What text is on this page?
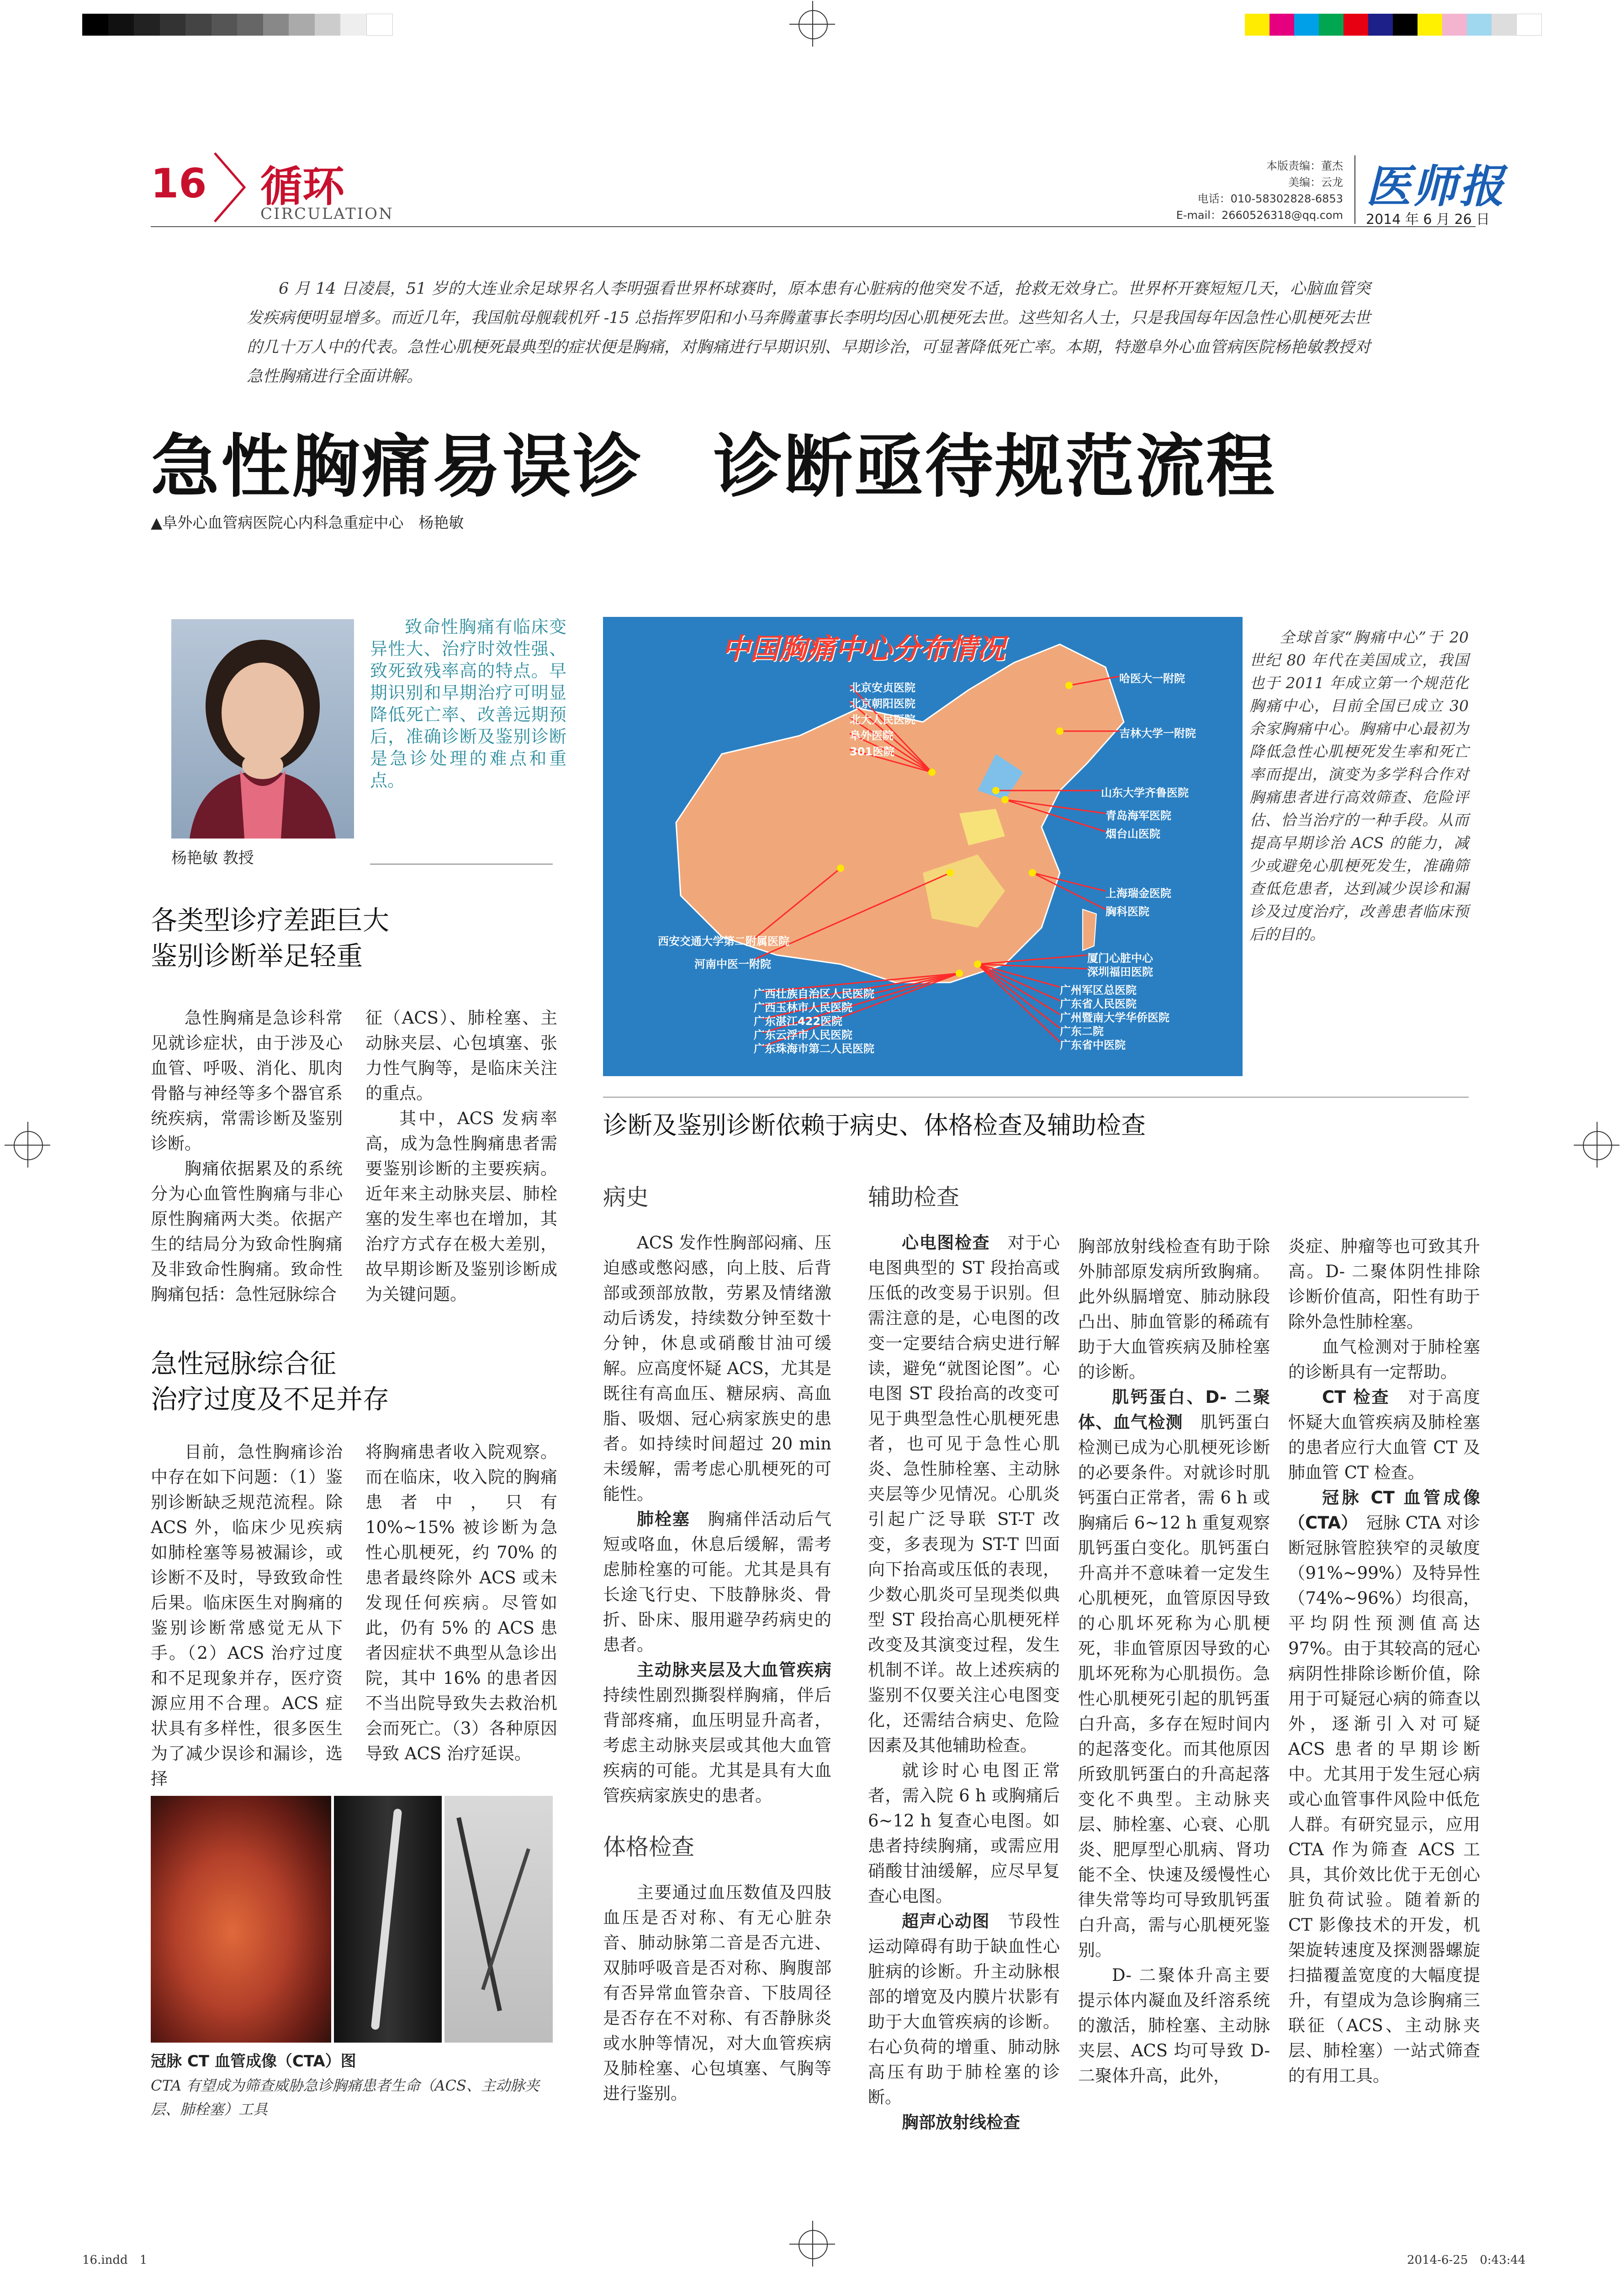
16 循环
CIRCULATION
本版责编：董杰
美编：云龙
电话：010-58302828-6853
E-mail：2660526318@qq.com
医师报
2014 年 6 月 26 日
6 月 14 日凌晨，51 岁的大连业余足球界名人李明强看世界杯球赛时，原本患有心脏病的他突发不适，抢救无效身亡。世界杯开赛短短几天，心脑血管突发疾病便明显增多。而近几年，我国航母舰载机歼 -15 总指挥罗阳和小马奔腾董事长李明均因心肌梗死去世。这些知名人士，只是我国每年因急性心肌梗死去世的几十万人中的代表。急性心肌梗死最典型的症状便是胸痛，对胸痛进行早期识别、早期诊治，可显著降低死亡率。本期，特邀阜外心血管病医院杨艳敏教授对急性胸痛进行全面讲解。
急性胸痛易误诊　诊断亟待规范流程
▲阜外心血管病医院心内科急重症中心　杨艳敏
杨艳敏 教授
致命性胸痛有临床变异性大、治疗时效性强、致死致残率高的特点。早期识别和早期治疗可明显降低死亡率、改善远期预后，准确诊断及鉴别诊断是急诊处理的难点和重点。
中国胸痛中心分布情况
北京安贞医院
北京朝阳医院
北大人民医院
阜外医院
301医院
哈医大一附院
吉林大学一附院
山东大学齐鲁医院
青岛海军医院
烟台山医院
上海瑞金医院
胸科医院
西安交通大学第二附属医院
河南中医一附院
广西壮族自治区人民医院
广西玉林市人民医院
广东湛江422医院
广东云浮市人民医院
广东珠海市第二人民医院
厦门心脏中心
深圳福田医院
广州军区总医院
广东省人民医院
广州暨南大学华侨医院
广东二院
广东省中医院
全球首家“胸痛中心”于 20 世纪 80 年代在美国成立，我国也于 2011 年成立第一个规范化胸痛中心，目前全国已成立 30 余家胸痛中心。胸痛中心最初为降低急性心肌梗死发生率和死亡率而提出，演变为多学科合作对胸痛患者进行高效筛查、危险评估、恰当治疗的一种手段。从而提高早期诊治 ACS 的能力，减少或避免心肌梗死发生，准确筛查低危患者，达到减少误诊和漏诊及过度治疗，改善患者临床预后的目的。
各类型诊疗差距巨大
鉴别诊断举足轻重

急性胸痛是急诊科常见就诊症状，由于涉及心血管、呼吸、消化、肌肉骨骼与神经等多个器官系统疾病，常需诊断及鉴别诊断。

胸痛依据累及的系统分为心血管性胸痛与非心原性胸痛两大类。依据产生的结局分为致命性胸痛及非致命性胸痛。致命性胸痛包括：急性冠脉综合

征（ACS）、肺栓塞、主动脉夹层、心包填塞、张力性气胸等，是临床关注的重点。

其中，ACS 发病率高，成为急性胸痛患者需要鉴别诊断的主要疾病。近年来主动脉夹层、肺栓塞的发生率也在增加，其治疗方式存在极大差别，故早期诊断及鉴别诊断成为关键问题。

急性冠脉综合征
治疗过度及不足并存

目前，急性胸痛诊治中存在如下问题：（1）鉴别诊断缺乏规范流程。除 ACS 外，临床少见疾病如肺栓塞等易被漏诊，或诊断不及时，导致致命性后果。临床医生对胸痛的鉴别诊断常感觉无从下手。（2）ACS 治疗过度和不足现象并存，医疗资源应用不合理。ACS 症状具有多样性，很多医生为了减少误诊和漏诊，选择

将胸痛患者收入院观察。而在临床，收入院的胸痛患者中，只有 10%~15% 被诊断为急性心肌梗死，约 70% 的患者最终除外 ACS 或未发现任何疾病。尽管如此，仍有 5% 的 ACS 患者因症状不典型从急诊出院，其中 16% 的患者因不当出院导致失去救治机会而死亡。（3）各种原因导致 ACS 治疗延误。

冠脉 CT 血管成像（CTA）图
CTA 有望成为筛查威胁急诊胸痛患者生命（ACS、主动脉夹层、肺栓塞）工具
诊断及鉴别诊断依赖于病史、体格检查及辅助检查
病史

ACS 发作性胸部闷痛、压迫感或憋闷感，向上肢、后背部或颈部放散，劳累及情绪激动后诱发，持续数分钟至数十分钟，休息或硝酸甘油可缓解。应高度怀疑 ACS，尤其是既往有高血压、糖尿病、高血脂、吸烟、冠心病家族史的患者。如持续时间超过 20 min 未缓解，需考虑心肌梗死的可能性。

肺栓塞　 胸痛伴活动后气短或咯血，休息后缓解，需考虑肺栓塞的可能。尤其是具有长途飞行史、下肢静脉炎、骨折、卧床、服用避孕药病史的患者。

主动脉夹层及大血管疾病持续性剧烈撕裂样胸痛，伴后背部疼痛，血压明显升高者，考虑主动脉夹层或其他大血管疾病的可能。尤其是具有大血管疾病家族史的患者。

体格检查

主要通过血压数值及四肢血压是否对称、有无心脏杂音、肺动脉第二音是否亢进、双肺呼吸音是否对称、胸腹部有否异常血管杂音、下肢周径是否存在不对称、有否静脉炎或水肿等情况，对大血管疾病及肺栓塞、心包填塞、气胸等进行鉴别。

辅助检查

心电图检查　 对于心电图典型的 ST 段抬高或压低的改变易于识别。但需注意的是，心电图的改变一定要结合病史进行解读，避免“就图论图”。心电图 ST 段抬高的改变可见于典型急性心肌梗死患者，也可见于急性心肌炎、急性肺栓塞、主动脉夹层等少见情况。心肌炎引起广泛导联 ST-T 改变，多表现为 ST-T 凹面向下抬高或压低的表现，少数心肌炎可呈现类似典型 ST 段抬高心肌梗死样改变及其演变过程，发生机制不详。故上述疾病的鉴别不仅要关注心电图变化，还需结合病史、危险因素及其他辅助检查。

就诊时心电图正常者，需入院 6 h 或胸痛后 6~12 h 复查心电图。如患者持续胸痛，或需应用硝酸甘油缓解，应尽早复查心电图。

超声心动图　 节段性运动障碍有助于缺血性心脏病的诊断。升主动脉根部的增宽及内膜片状影有助于大血管疾病的诊断。右心负荷的增重、肺动脉高压有助于肺栓塞的诊断。

胸部放射线检查

胸部放射线检查有助于除外肺部原发病所致胸痛。此外纵膈增宽、肺动脉段凸出、肺血管影的稀疏有助于大血管疾病及肺栓塞的诊断。

肌钙蛋白、D- 二聚体、血气检测　 肌钙蛋白检测已成为心肌梗死诊断的必要条件。对就诊时肌钙蛋白正常者，需 6 h 或胸痛后 6~12 h 重复观察肌钙蛋白变化。肌钙蛋白升高并不意味着一定发生心肌梗死，血管原因导致的心肌坏死称为心肌梗死，非血管原因导致的心肌坏死称为心肌损伤。急性心肌梗死引起的肌钙蛋白升高，多存在短时间内的起落变化。而其他原因所致肌钙蛋白的升高起落变化不典型。主动脉夹层、肺栓塞、心衰、心肌炎、肥厚型心肌病、肾功能不全、快速及缓慢性心律失常等均可导致肌钙蛋白升高，需与心肌梗死鉴别。

D- 二聚体升高主要提示体内凝血及纤溶系统的激活，肺栓塞、主动脉夹层、ACS 均可导致 D- 二聚体升高，此外，

炎症、肿瘤等也可致其升高。D- 二聚体阴性排除诊断价值高，阳性有助于除外急性肺栓塞。

血气检测对于肺栓塞的诊断具有一定帮助。

CT 检查　 对于高度怀疑大血管疾病及肺栓塞的患者应行大血管 CT 及肺血管 CT 检查。

冠脉 CT 血管成像（CTA）　 冠脉 CTA 对诊断冠脉管腔狭窄的灵敏度（91%~99%）及特异性（74%~96%）均很高，平均阴性预测值高达 97%。由于其较高的冠心病阴性排除诊断价值，除用于可疑冠心病的筛查以外，逐渐引入对可疑 ACS 患者的早期诊断中。尤其用于发生冠心病或心血管事件风险中低危人群。有研究显示，应用 CTA 作为筛查 ACS 工具，其价效比优于无创心脏负荷试验。随着新的 CT 影像技术的开发，机架旋转速度及探测器螺旋扫描覆盖宽度的大幅度提升，有望成为急诊胸痛三联征（ACS、主动脉夹层、肺栓塞）一站式筛查的有用工具。

16.indd　1	2014-6-25　0:43:44
